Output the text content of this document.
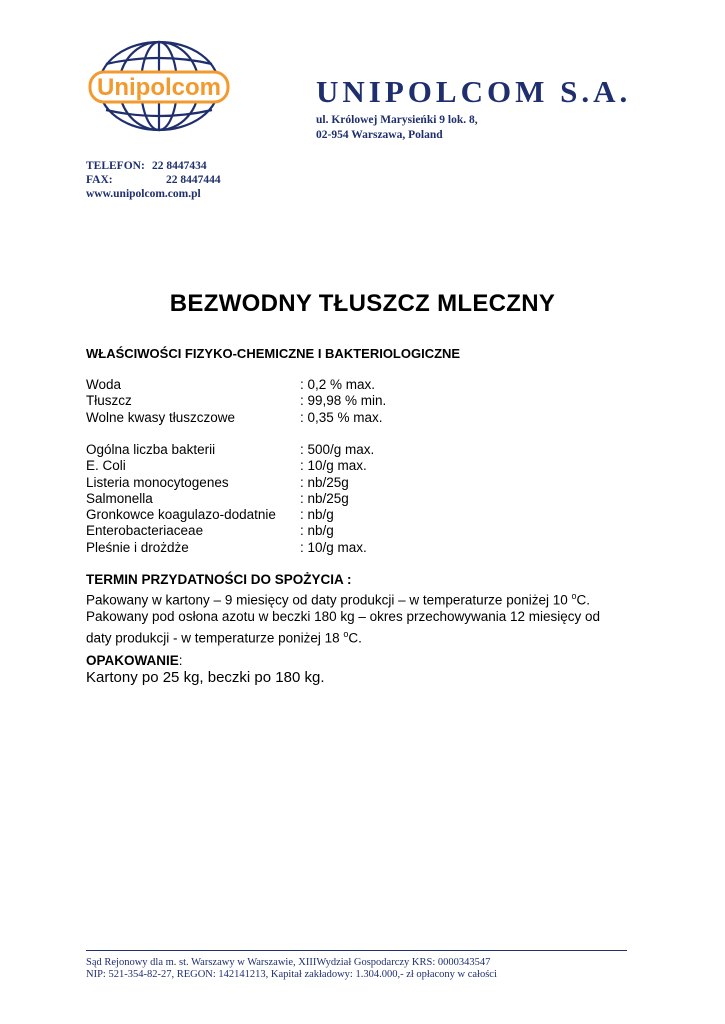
Unipolcom	UNIPOLCOM S.A.
ul. Królowej Marysieńki 9 lok. 8,
02-954 Warszawa, Poland
TELEFON: 22 8447434
FAX:	22 8447444
www.unipolcom.com.pl
BEZWODNY TŁUSZCZ MLECZNY
WŁAŚCIWOŚCI FIZYKO-CHEMICZNE I BAKTERIOLOGICZNE
Woda	: 0,2 % max.
Tłuszcz	: 99,98 % min.
Wolne kwasy tłuszczowe	: 0,35 % max.
Ogólna liczba bakterii	: 500/g max.
E. Coli	: 10/g max.
Listeria monocytogenes	: nb/25g
Salmonella	: nb/25g
Gronkowce koagulazo-dodatnie : nb/g
Enterobacteriaceae	: nb/g
Pleśnie i drożdże	: 10/g max.
TERMIN PRZYDATNOŚCI DO SPOŻYCIA :
Pakowany w kartony – 9 miesięcy od daty produkcji – w temperaturze poniżej 10 $^o$C.
Pakowany pod osłona azotu w beczki 180 kg – okres przechowywania 12 miesięcy od daty produkcji - w temperaturze poniżej 18 $^o$C.
OPAKOWANIE:
Kartony po 25 kg, beczki po 180 kg.
Sąd Rejonowy dla m. st. Warszawy w Warszawie, XIIIWydział Gospodarczy KRS: 0000343547
NIP: 521-354-82-27, REGON: 142141213, Kapitał zakładowy: 1.304.000,- zł opłacony w całości
